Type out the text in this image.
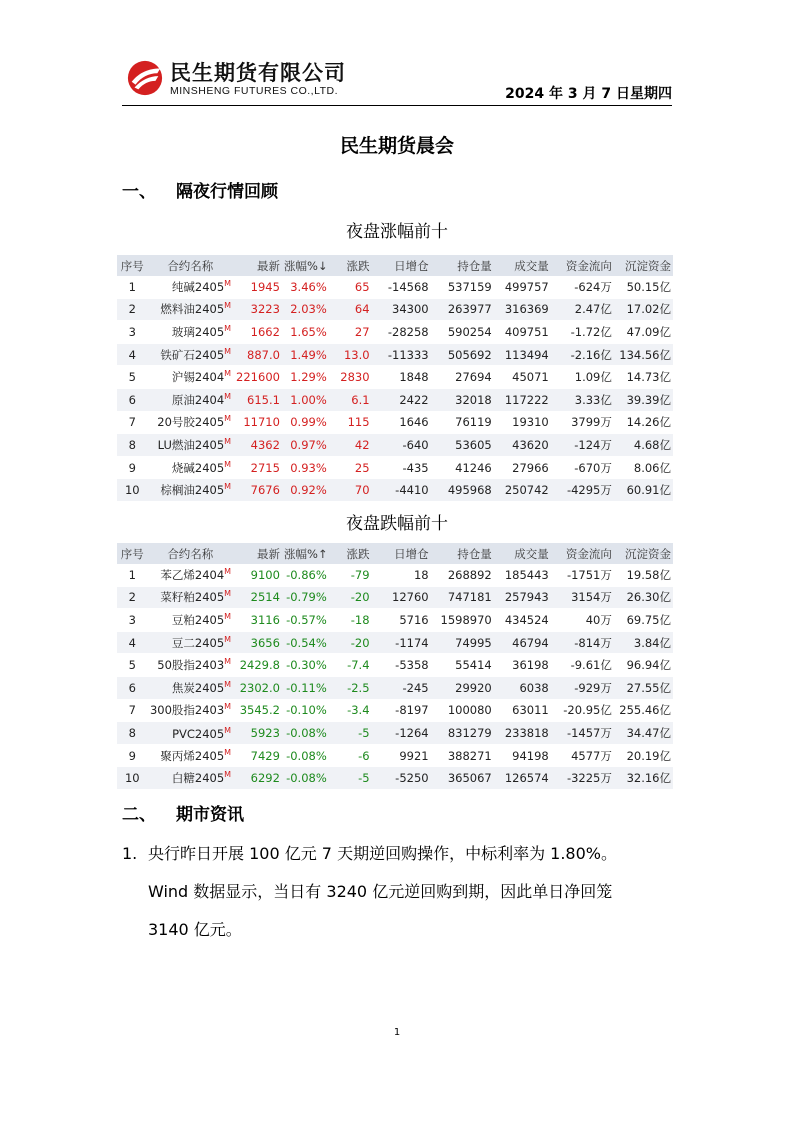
民生期货有限公司
MINSHENG FUTURES CO.,LTD.	2024 年 3 月 7 日星期四
民生期货晨会
一、 隔夜行情回顾
夜盘涨幅前十
序号	合约名称	最新	涨幅%↓	涨跌	日增仓	持仓量	成交量	资金流向	沉淀资金
1	纯碱$2405^M$	1945	3.46%	65	-14568	537159	499757	-624万	50.15亿
2	燃料油$2405^M$	3223	2.03%	64	34300	263977	316369	2.47亿	17.02亿
3	玻璃$2405^M$	1662	1.65%	27	-28258	590254	409751	-1.72亿	47.09亿
4	铁矿石$2405^M$	887.0	1.49%	13.0	-11333	505692	113494	-2.16亿	134.56亿
5	沪锡$2404^M$	221600	1.29%	2830	1848	27694	45071	1.09亿	14.73亿
6	原油$2404^M$	615.1	1.00%	6.1	2422	32018	117222	3.33亿	39.39亿
7	20号胶$2405^M$	11710	0.99%	115	1646	76119	19310	3799万	14.26亿
8	LU燃油$2405^M$	4362	0.97%	42	-640	53605	43620	-124万	4.68亿
9	烧碱$2405^M$	2715	0.93%	25	-435	41246	27966	-670万	8.06亿
10	棕榈油$2405^M$	7676	0.92%	70	-4410	495968	250742	-4295万	60.91亿
夜盘跌幅前十
序号	合约名称	最新	涨幅%↑	涨跌	日增仓	持仓量	成交量	资金流向	沉淀资金
1	苯乙烯$2404^M$	9100	-0.86%	-79	18	268892	185443	-1751万	19.58亿
2	菜籽粕$2405^M$	2514	-0.79%	-20	12760	747181	257943	3154万	26.30亿
3	豆粕$2405^M$	3116	-0.57%	-18	5716	1598970	434524	40万	69.75亿
4	豆二$2405^M$	3656	-0.54%	-20	-1174	74995	46794	-814万	3.84亿
5	50股指$2403^M$	2429.8	-0.30%	-7.4	-5358	55414	36198	-9.61亿	96.94亿
6	焦炭$2405^M$	2302.0	-0.11%	-2.5	-245	29920	6038	-929万	27.55亿
7	300股指$2403^M$	3545.2	-0.10%	-3.4	-8197	100080	63011	-20.95亿	255.46亿
8	$PVC2405^M$	5923	-0.08%	-5	-1264	831279	233818	-1457万	34.47亿
9	聚丙烯$2405^M$	7429	-0.08%	-6	9921	388271	94198	4577万	20.19亿
10	白糖$2405^M$	6292	-0.08%	-5	-5250	365067	126574	-3225万	32.16亿
二、 期市资讯
1. 央行昨日开展 100 亿元 7 天期逆回购操作，中标利率为 1.80%。
Wind 数据显示，当日有 3240 亿元逆回购到期，因此单日净回笼
3140 亿元。
1
